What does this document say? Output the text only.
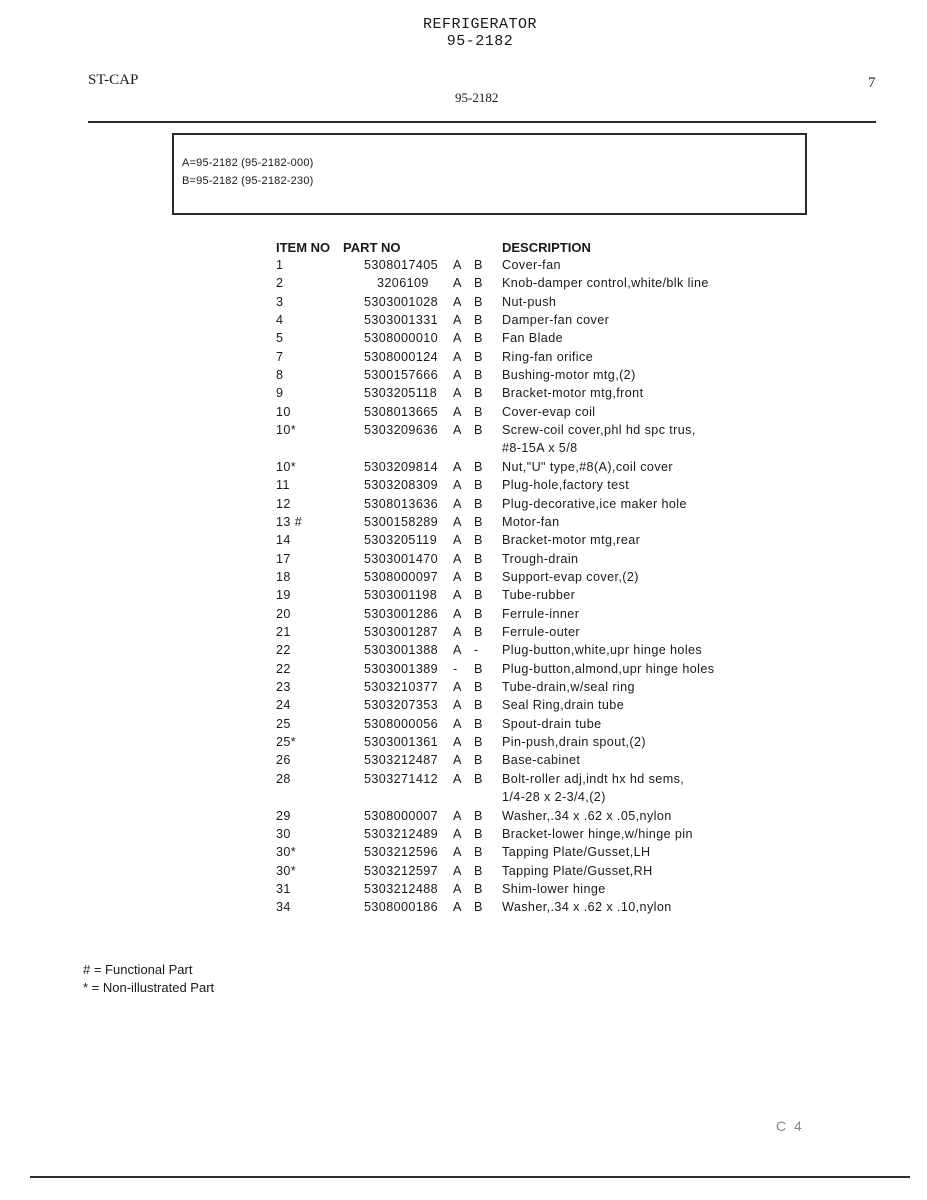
REFRIGERATOR
95-2182
ST-CAP	7
95-2182
A=95-2182 (95-2182-000)
B=95-2182 (95-2182-230)
ITEM NO PART NO	DESCRIPTION
1	5308017405 A B Cover-fan
2	3206109 A B Knob-damper control,white/blk line
3	5303001028 A B Nut-push
4	5303001331 A B Damper-fan cover
5	5308000010 A B Fan Blade
7	5308000124 A B Ring-fan orifice
8	5300157666 A B Bushing-motor mtg,(2)
9	5303205118 A B Bracket-motor mtg,front
10	5308013665 A B Cover-evap coil
10*	5303209636 A B Screw-coil cover,phl hd spc trus,
#8-15A x 5/8
10*	5303209814 A B Nut,"U" type,#8(A),coil cover
11	5303208309 A B Plug-hole,factory test
12	5308013636 A B Plug-decorative,ice maker hole
13 #	5300158289 A B Motor-fan
14	5303205119 A B Bracket-motor mtg,rear
17	5303001470 A B Trough-drain
18	5308000097 A B Support-evap cover,(2)
19	5303001198 A B Tube-rubber
20	5303001286 A B Ferrule-inner
21	5303001287 A B Ferrule-outer
22	5303001388 A - Plug-button,white,upr hinge holes
22	5303001389 - B Plug-button,almond,upr hinge holes
23	5303210377 A B Tube-drain,w/seal ring
24	5303207353 A B Seal Ring,drain tube
25	5308000056 A B Spout-drain tube
25*	5303001361 A B Pin-push,drain spout,(2)
26	5303212487 A B Base-cabinet
28	5303271412 A B Bolt-roller adj,indt hx hd sems,
1/4-28 x 2-3/4,(2)
29	5308000007 A B Washer,.34 x .62 x .05,nylon
30	5303212489 A B Bracket-lower hinge,w/hinge pin
30*	5303212596 A B Tapping Plate/Gusset,LH
30*	5303212597 A B Tapping Plate/Gusset,RH
31	5303212488 A B Shim-lower hinge
34	5308000186 A B Washer,.34 x .62 x .10,nylon
# = Functional Part
* = Non-illustrated Part
C 4
